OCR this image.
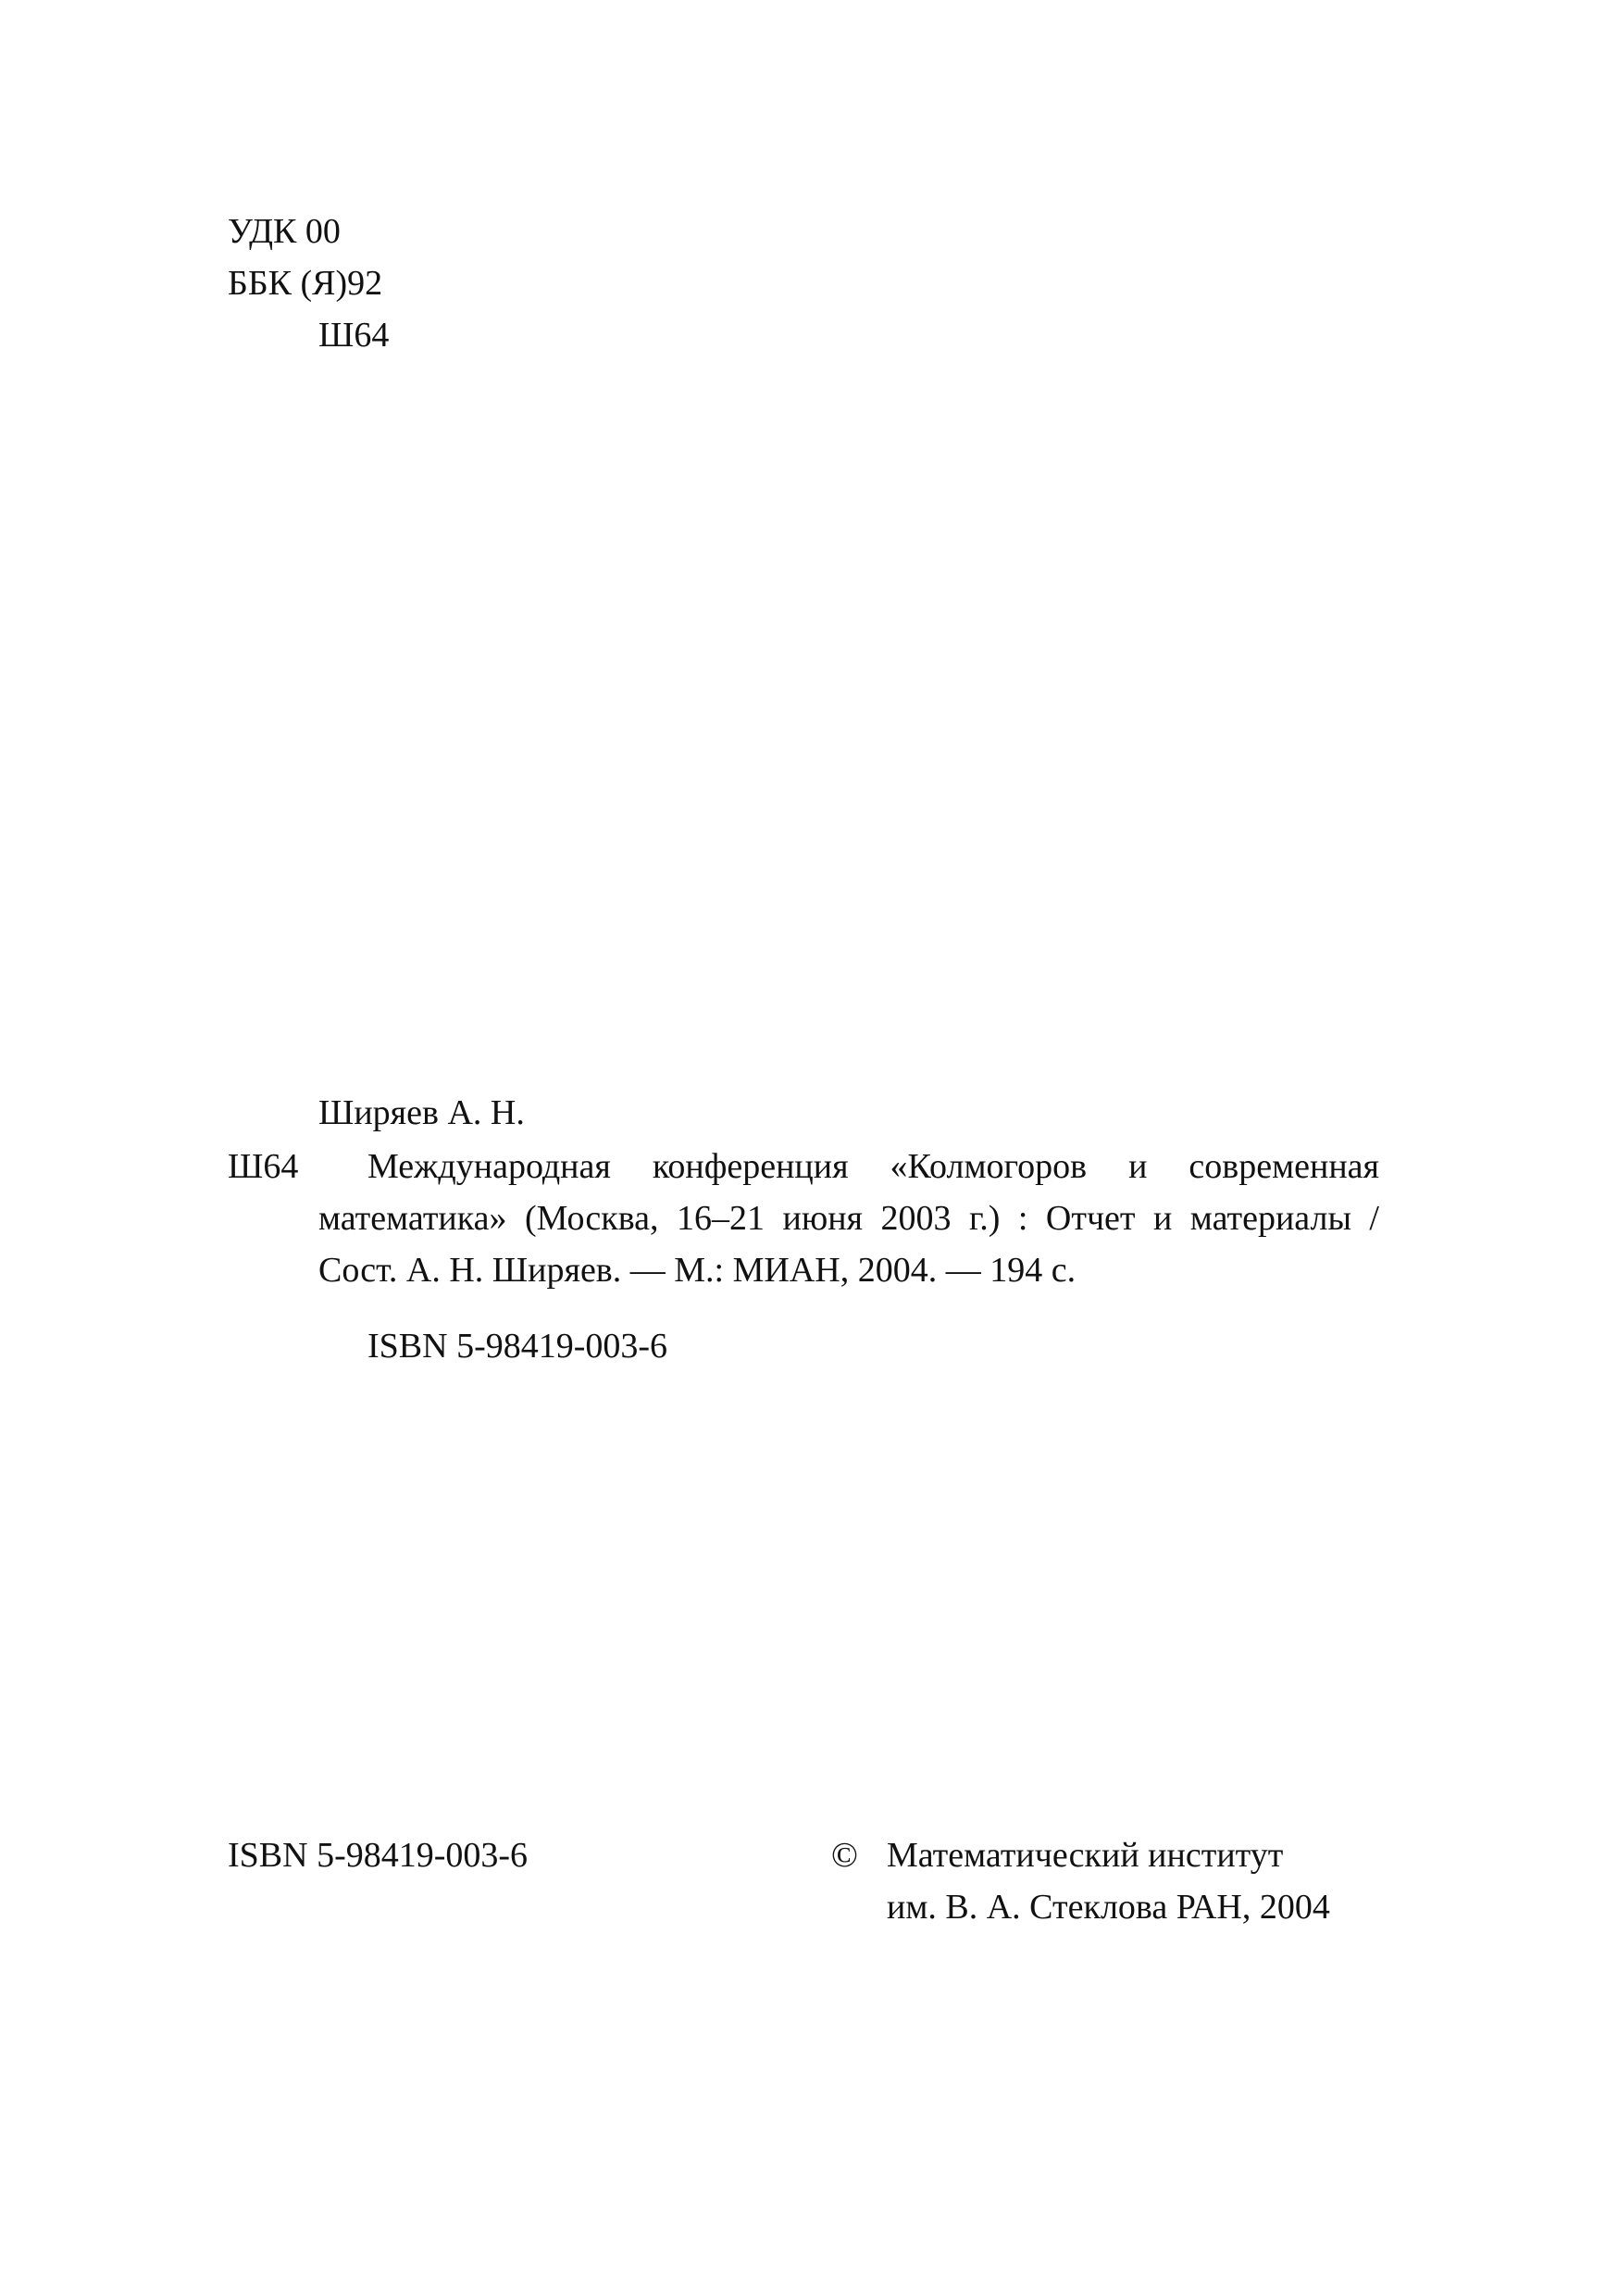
УДК 00
ББК (Я)92
Ш64
Ширяев А. Н.
Ш64 Международная конференция «Колмогоров и современная
математика» (Москва, 16–21 июня 2003 г.) : Отчет и материалы /
Сост. А. Н. Ширяев. — М.: МИАН, 2004. — 194 с.
ISBN 5-98419-003-6
ISBN 5-98419-003-6	© Математический институт
им. В. А. Стеклова РАН, 2004
